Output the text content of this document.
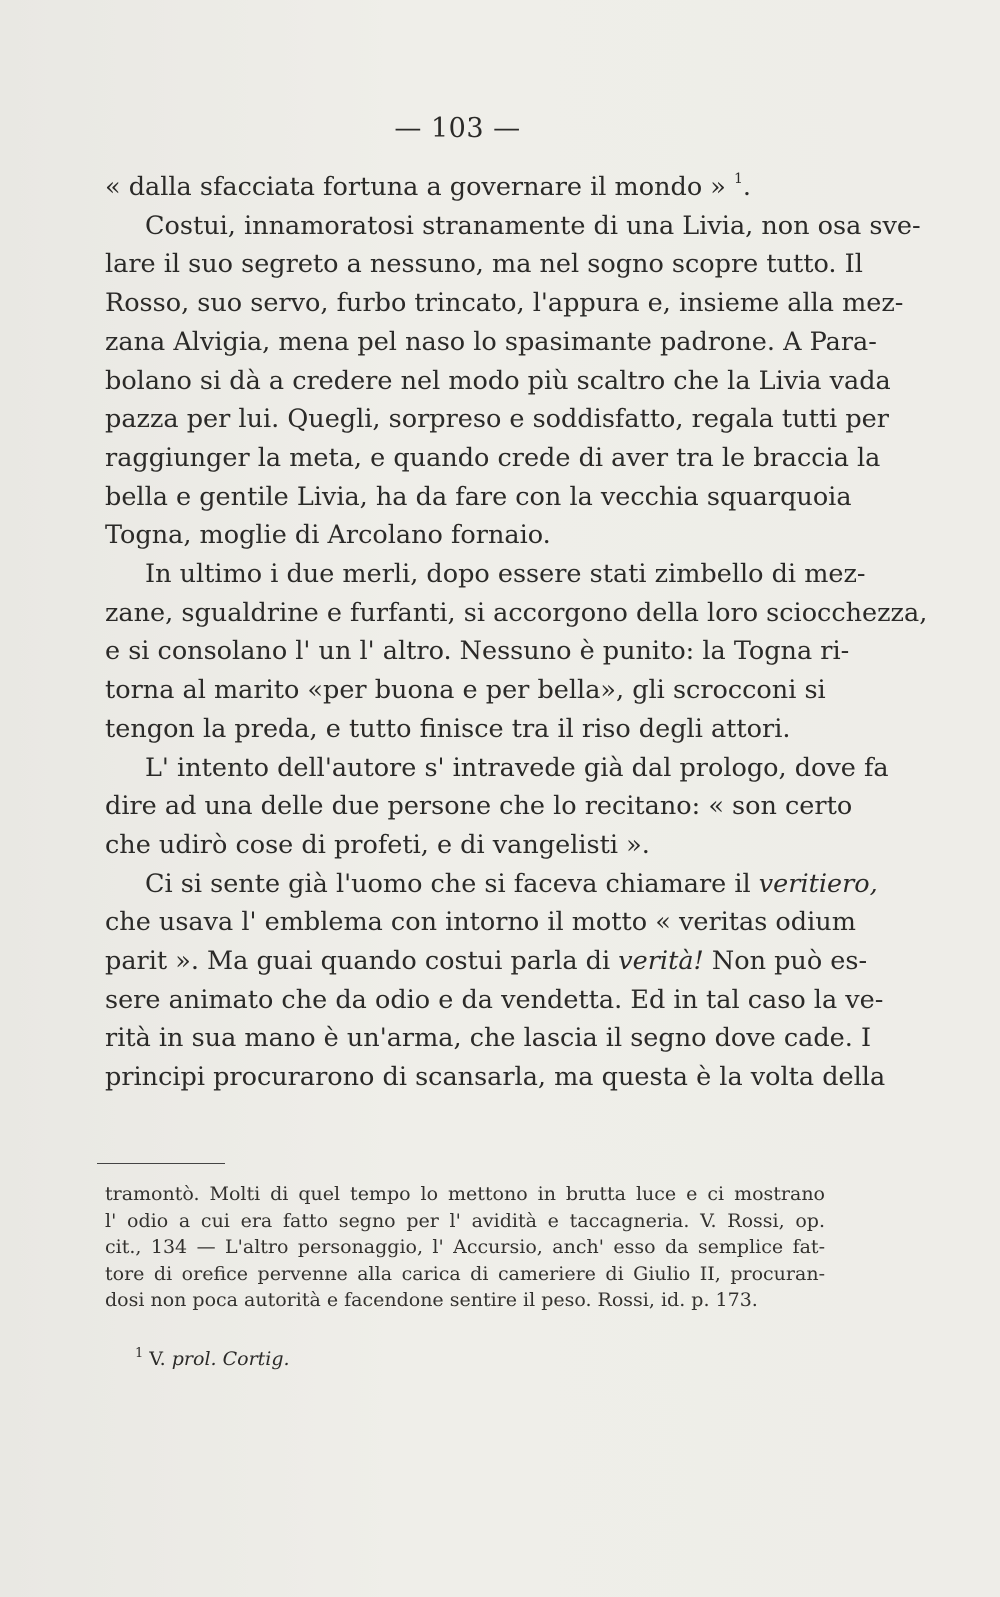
— 103 —
« dalla sfacciata fortuna a governare il mondo » $^1$.
Costui, innamoratosi stranamente di una Livia, non osa sve-
lare il suo segreto a nessuno, ma nel sogno scopre tutto. Il
Rosso, suo servo, furbo trincato, l'appura e, insieme alla mez-
zana Alvigia, mena pel naso lo spasimante padrone. A Para-
bolano si dà a credere nel modo più scaltro che la Livia vada
pazza per lui. Quegli, sorpreso e soddisfatto, regala tutti per
raggiunger la meta, e quando crede di aver tra le braccia la
bella e gentile Livia, ha da fare con la vecchia squarquoia
Togna, moglie di Arcolano fornaio.
In ultimo i due merli, dopo essere stati zimbello di mez-
zane, sgualdrine e furfanti, si accorgono della loro sciocchezza,
e si consolano l' un l' altro. Nessuno è punito: la Togna ri-
torna al marito «per buona e per bella», gli scrocconi si
tengon la preda, e tutto finisce tra il riso degli attori.
L' intento dell'autore s' intravede già dal prologo, dove fa
dire ad una delle due persone che lo recitano: « son certo
che udirò cose di profeti, e di vangelisti ».
Ci si sente già l'uomo che si faceva chiamare il veritiero,
che usava l' emblema con intorno il motto « veritas odium
parit ». Ma guai quando costui parla di verità! Non può es-
sere animato che da odio e da vendetta. Ed in tal caso la ve-
rità in sua mano è un'arma, che lascia il segno dove cade. I
principi procurarono di scansarla, ma questa è la volta della
tramontò. Molti di quel tempo lo mettono in brutta luce e ci mostrano
l' odio a cui era fatto segno per l' avidità e taccagneria. V. Rossi, op.
cit., 134 — L'altro personaggio, l' Accursio, anch' esso da semplice fat-
tore di orefice pervenne alla carica di cameriere di Giulio II, procuran-
dosi non poca autorità e facendone sentire il peso. Rossi, id. p. 173.
$^1$ V. prol. Cortig.
